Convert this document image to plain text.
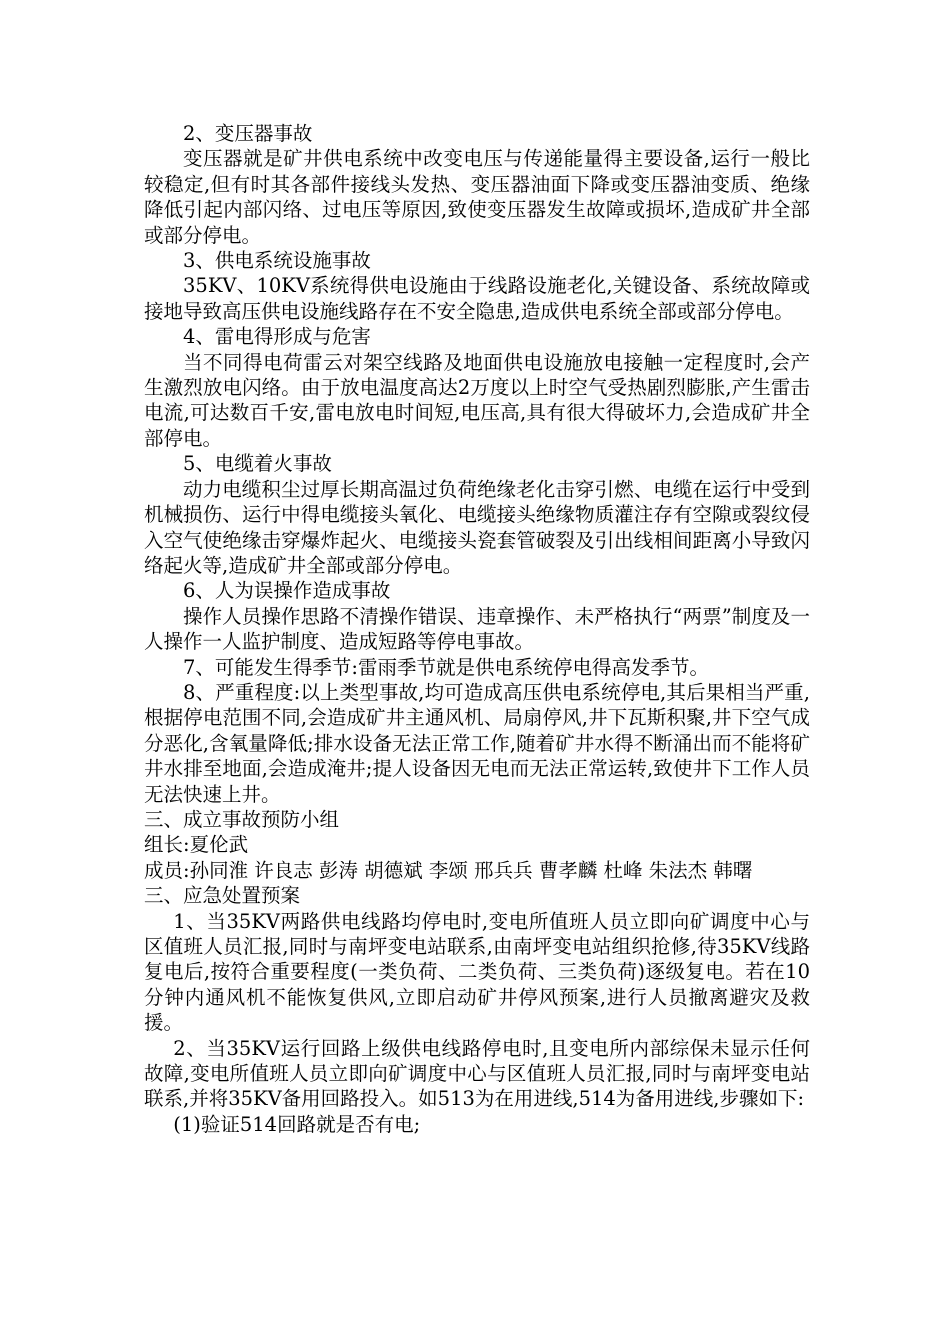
2、变压器事故

变压器就是矿井供电系统中改变电压与传递能量得主要设备,运行一般比较稳定,但有时其各部件接线头发热、变压器油面下降或变压器油变质、绝缘降低引起内部闪络、过电压等原因,致使变压器发生故障或损坏,造成矿井全部或部分停电。

3、供电系统设施事故

35KV、10KV系统得供电设施由于线路设施老化,关键设备、系统故障或接地导致高压供电设施线路存在不安全隐患,造成供电系统全部或部分停电。

4、雷电得形成与危害

当不同得电荷雷云对架空线路及地面供电设施放电接触一定程度时,会产生激烈放电闪络。由于放电温度高达2万度以上时空气受热剧烈膨胀,产生雷击电流,可达数百千安,雷电放电时间短,电压高,具有很大得破坏力,会造成矿井全部停电。

5、电缆着火事故

动力电缆积尘过厚长期高温过负荷绝缘老化击穿引燃、电缆在运行中受到机械损伤、运行中得电缆接头氧化、电缆接头绝缘物质灌注存有空隙或裂纹侵入空气使绝缘击穿爆炸起火、电缆接头瓷套管破裂及引出线相间距离小导致闪络起火等,造成矿井全部或部分停电。

6、人为误操作造成事故

操作人员操作思路不清操作错误、违章操作、未严格执行“两票”制度及一人操作一人监护制度、造成短路等停电事故。

7、可能发生得季节:雷雨季节就是供电系统停电得高发季节。

8、严重程度:以上类型事故,均可造成高压供电系统停电,其后果相当严重,根据停电范围不同,会造成矿井主通风机、局扇停风,井下瓦斯积聚,井下空气成分恶化,含氧量降低;排水设备无法正常工作,随着矿井水得不断涌出而不能将矿井水排至地面,会造成淹井;提人设备因无电而无法正常运转,致使井下工作人员无法快速上井。

三、成立事故预防小组

组长:夏伦武

成员:孙同淮 许良志 彭涛 胡德斌 李颂 邢兵兵 曹孝麟 杜峰 朱法杰 韩曙

三、应急处置预案

1、当35KV两路供电线路均停电时,变电所值班人员立即向矿调度中心与区值班人员汇报,同时与南坪变电站联系,由南坪变电站组织抢修,待35KV线路复电后,按符合重要程度(一类负荷、二类负荷、三类负荷)逐级复电。若在10分钟内通风机不能恢复供风,立即启动矿井停风预案,进行人员撤离避灾及救援。

2、当35KV运行回路上级供电线路停电时,且变电所内部综保未显示任何故障,变电所值班人员立即向矿调度中心与区值班人员汇报,同时与南坪变电站联系,并将35KV备用回路投入。如513为在用进线,514为备用进线,步骤如下:

(1)验证514回路就是否有电;
